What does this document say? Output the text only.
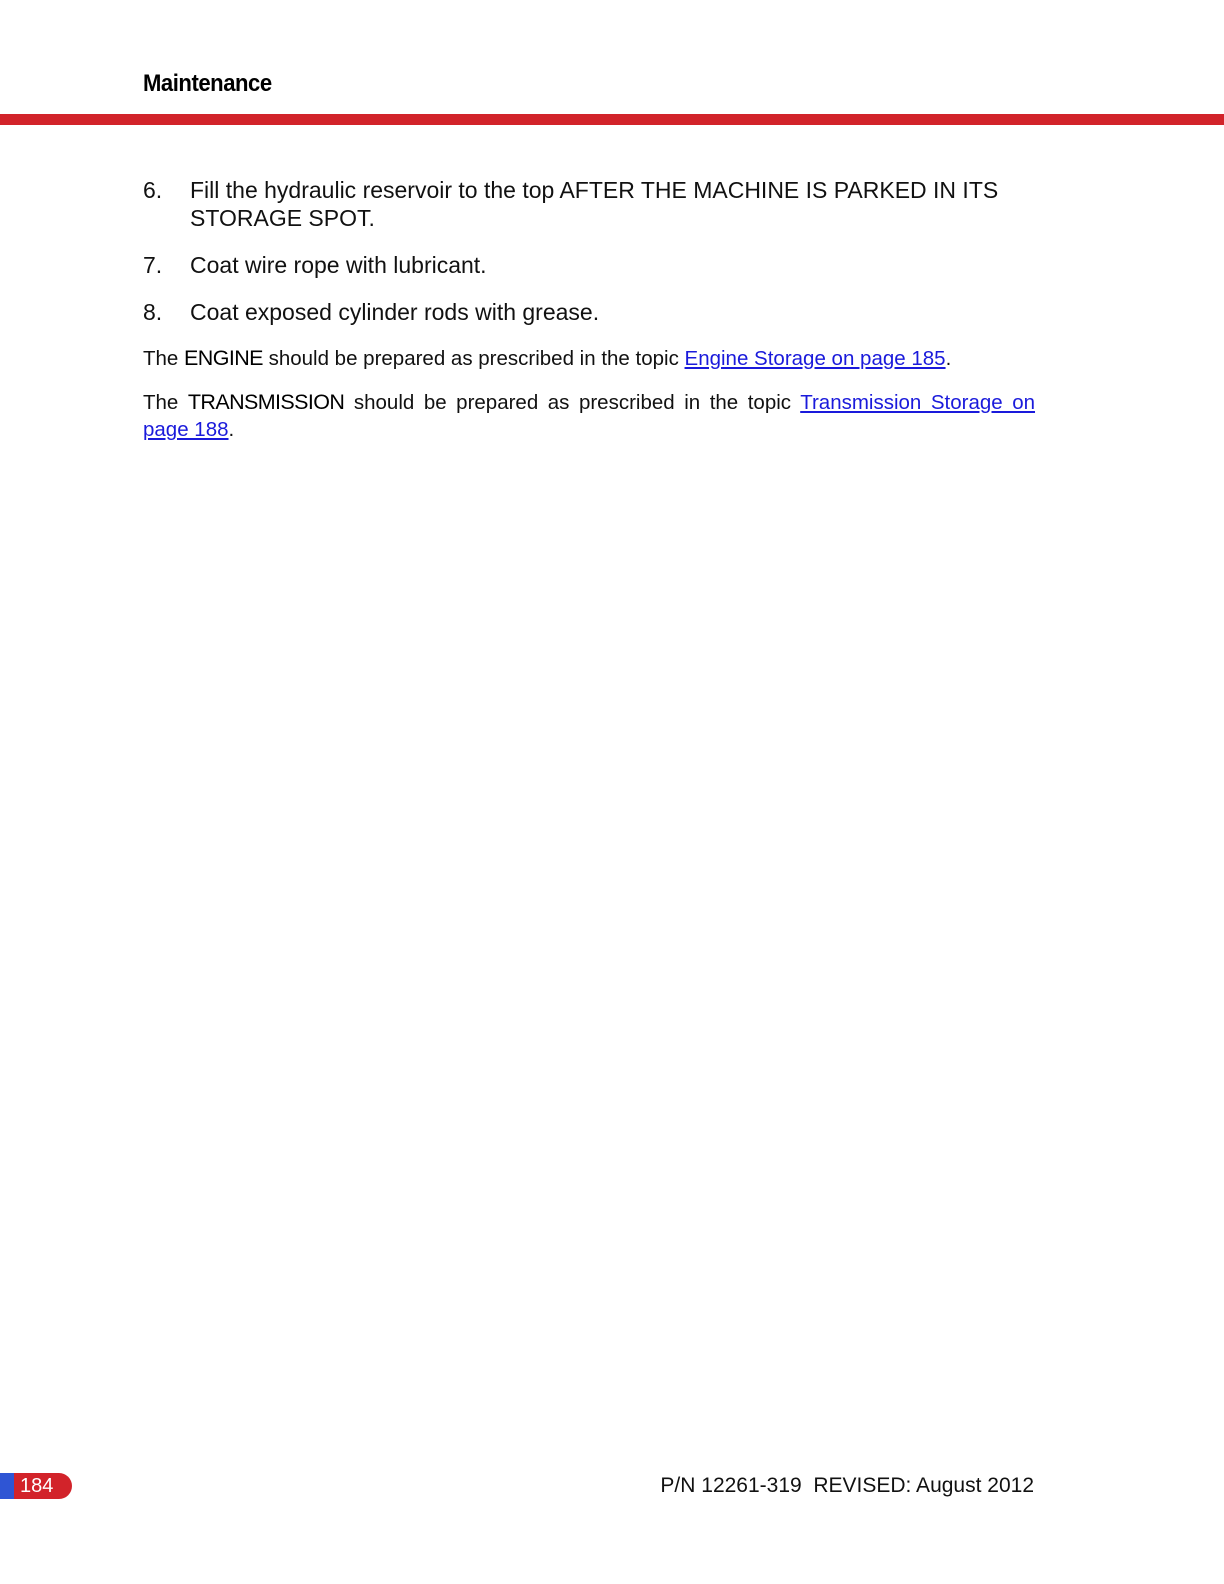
Maintenance
6.	Fill the hydraulic reservoir to the top AFTER THE MACHINE IS PARKED IN ITS STORAGE SPOT.
7.	Coat wire rope with lubricant.
8.	Coat exposed cylinder rods with grease.

The ENGINE should be prepared as prescribed in the topic Engine Storage on page 185.

The TRANSMISSION should be prepared as prescribed in the topic Transmission Storage on page 188.

184	P/N 12261-319  REVISED: August 2012
